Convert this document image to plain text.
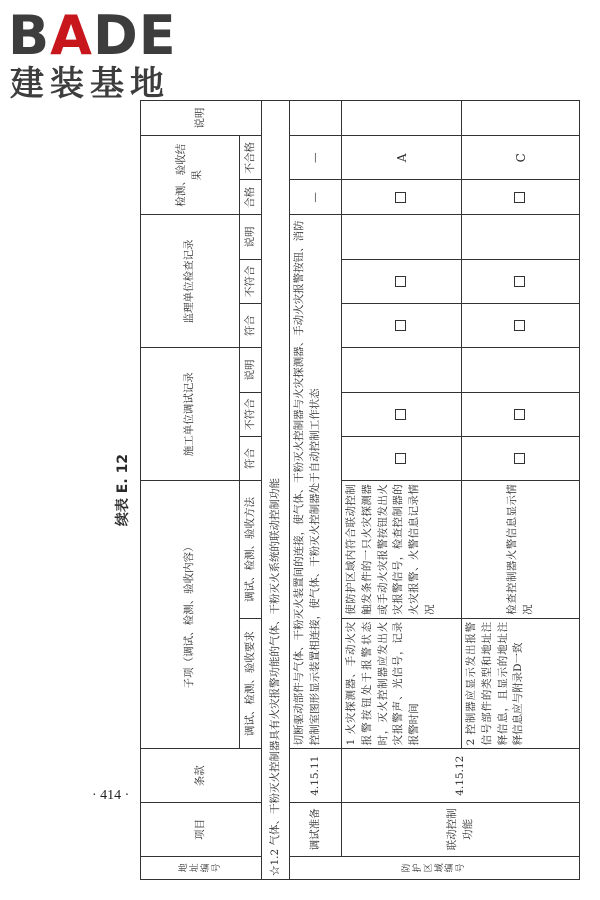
BADE
建装基地
· 414 ·
续表 E. 12
地址编号	项目	条款	子项（调试、检测、验收内容）		施工单位调试记录			监理单位检查记录			检测、验收结果		说明

			调试、检测、验收要求	调试、检测、验收方法	符合	不符合	说明	符合	不符合	说明	合格	不合格	
☆1.2 气体、干粉灭火控制器具有火灾报警功能的气体、干粉灭火系统的联动控制功能													
防护区域编号	调试准备	4.15.11	切断驱动部件与气体、干粉灭火装置间的连接，使气体、干粉灭火控制器与火灾探测器、手动火灾报警按钮、消防控制室图形显示装置相连接，使气体、干粉灭火控制器处于自动控制工作状态								—	—	
	联动控制功能	4.15.12	1 火灾探测器、手动火灾报警按钮处于报警状态时，灭火控制器应发出火灾报警声、光信号，记录报警时间	使防护区域内符合联动控制触发条件的一只火灾探测器或手动火灾报警按钮发出火灾报警信号，检查控制器的火灾报警、火警信息记录情况								A	
			2 控制器应显示发出报警信号部件的类型和地址注释信息，且显示的地址注释信息应与附录D一致	检查控制器火警信息显示情况								C	
